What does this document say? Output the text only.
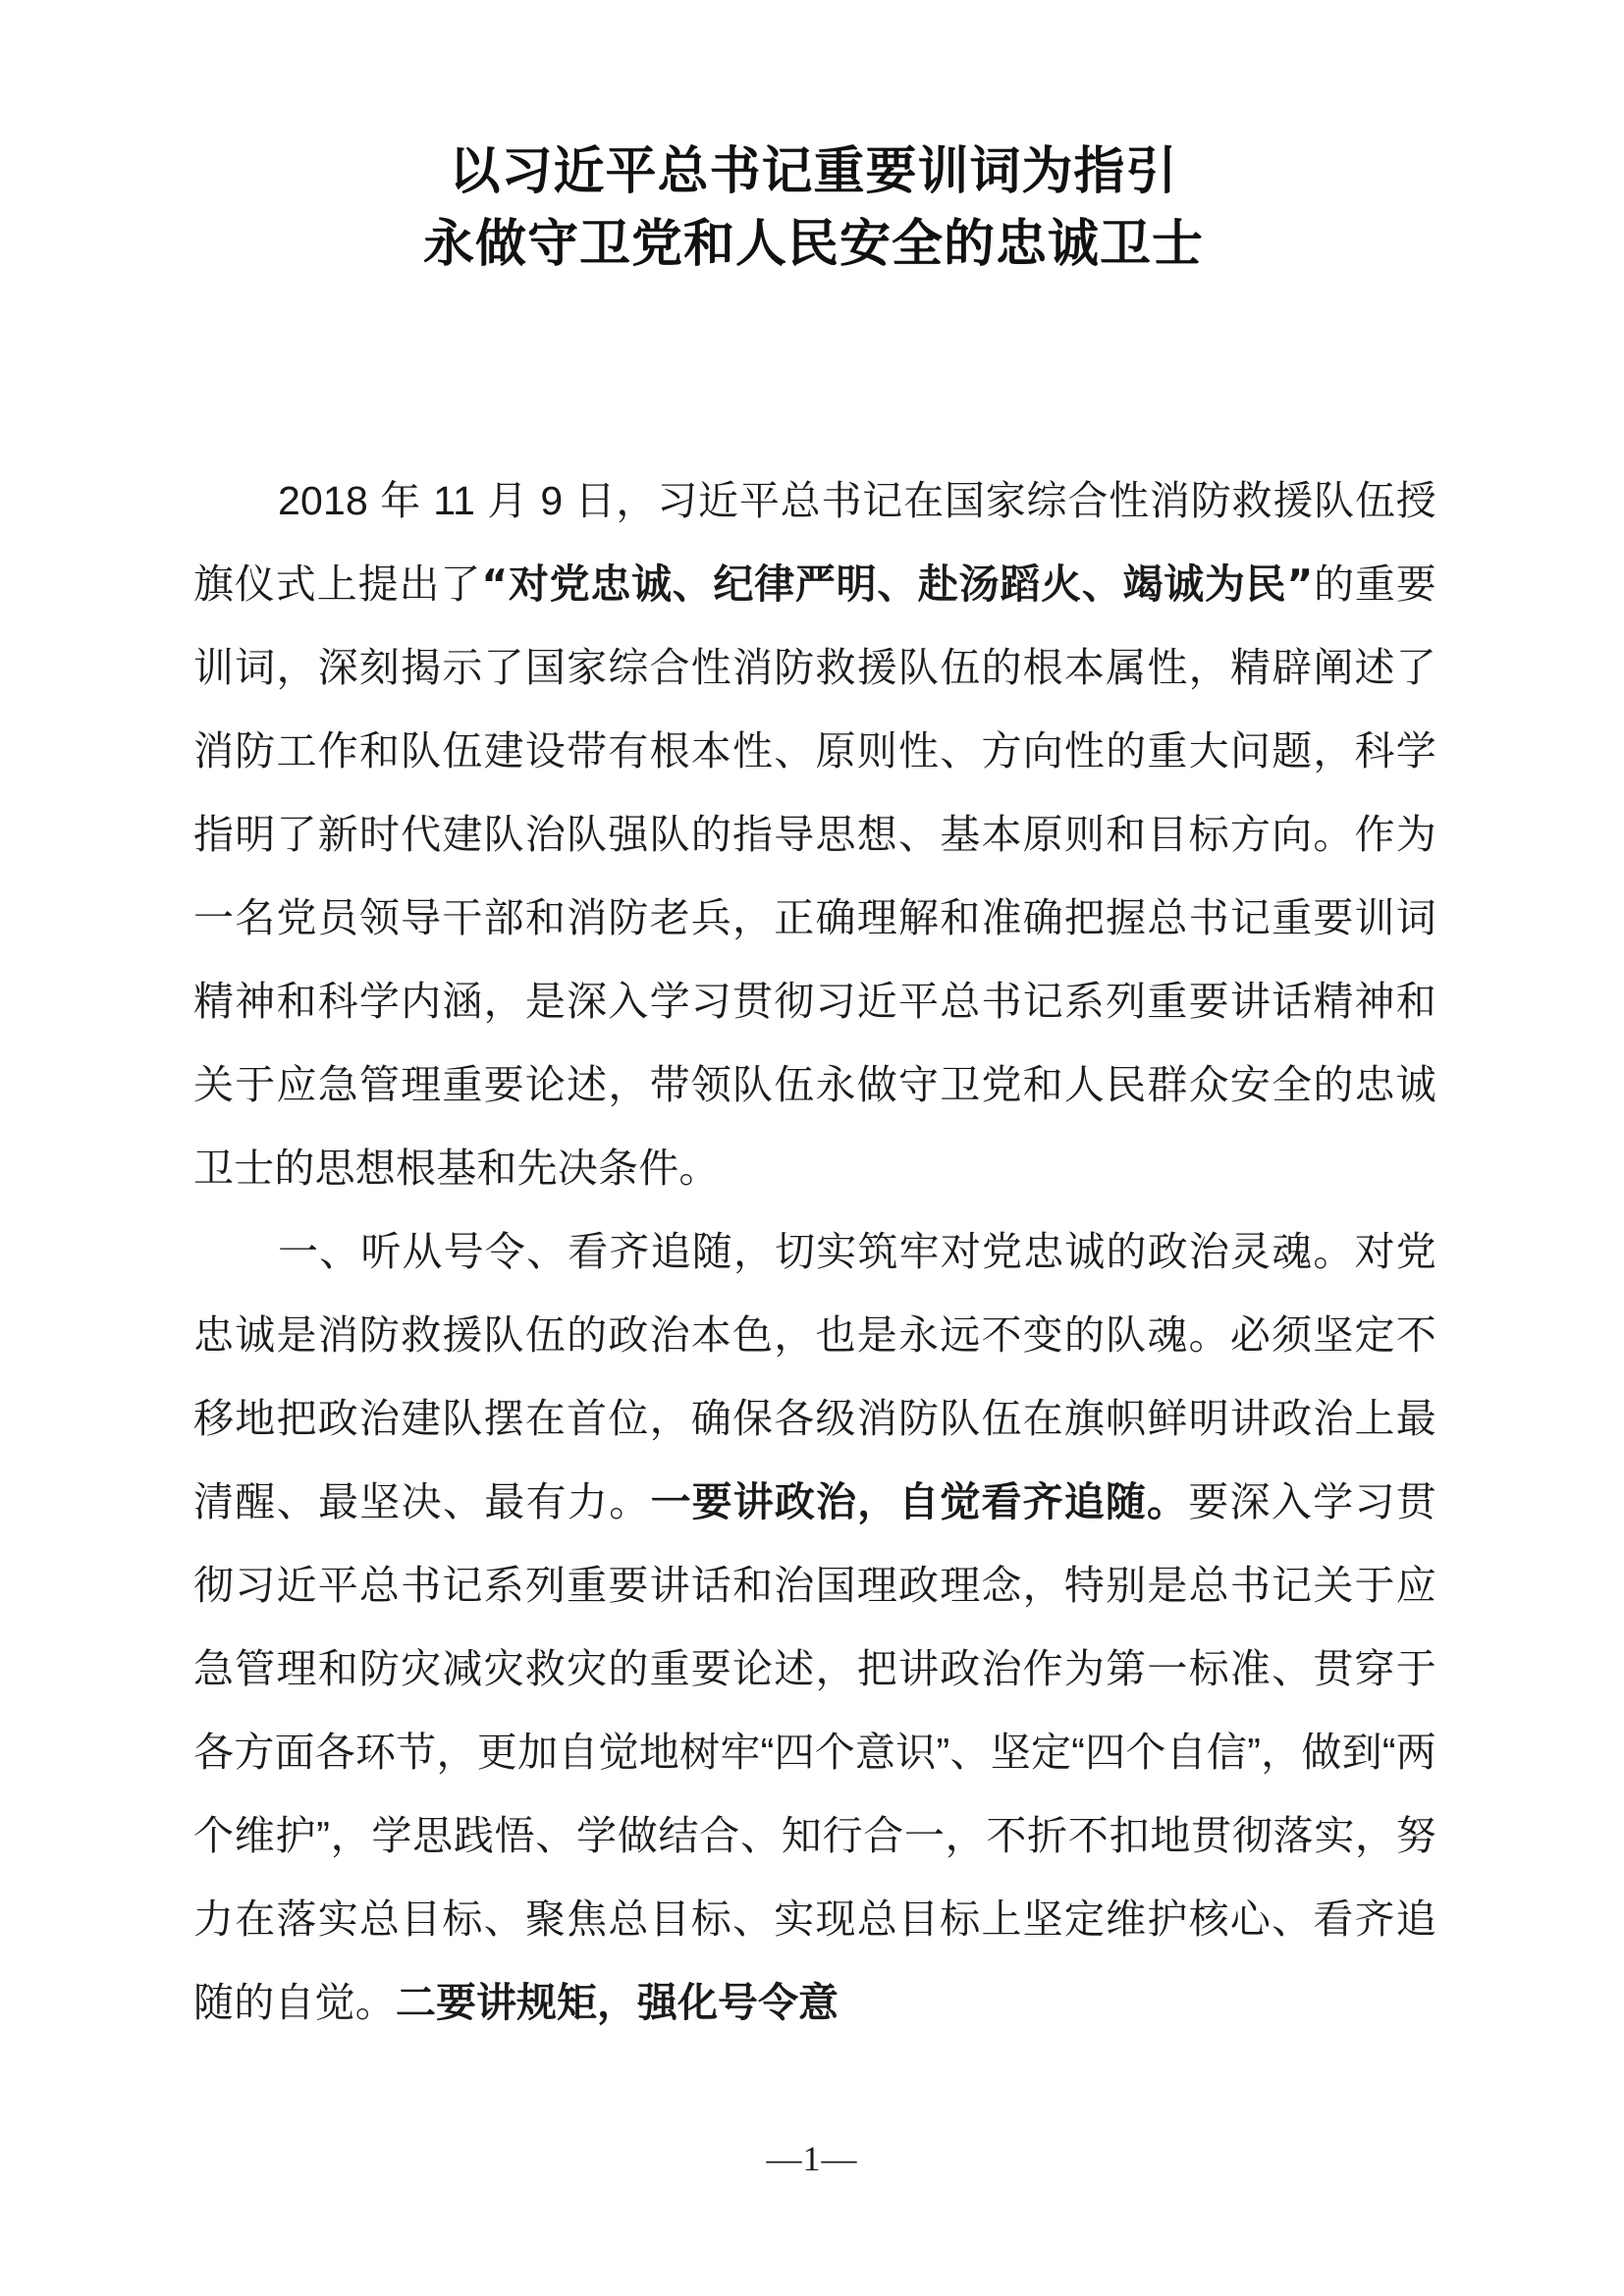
以习近平总书记重要训词为指引
永做守卫党和人民安全的忠诚卫士

2018 年 11 月 9 日，习近平总书记在国家综合性消防救援队伍授旗仪式上提出了“对党忠诚、纪律严明、赴汤蹈火、竭诚为民”的重要训词，深刻揭示了国家综合性消防救援队伍的根本属性，精辟阐述了消防工作和队伍建设带有根本性、原则性、方向性的重大问题，科学指明了新时代建队治队强队的指导思想、基本原则和目标方向。作为一名党员领导干部和消防老兵，正确理解和准确把握总书记重要训词精神和科学内涵，是深入学习贯彻习近平总书记系列重要讲话精神和关于应急管理重要论述，带领队伍永做守卫党和人民群众安全的忠诚卫士的思想根基和先决条件。

一、听从号令、看齐追随，切实筑牢对党忠诚的政治灵魂。对党忠诚是消防救援队伍的政治本色，也是永远不变的队魂。必须坚定不移地把政治建队摆在首位，确保各级消防队伍在旗帜鲜明讲政治上最清醒、最坚决、最有力。一要讲政治，自觉看齐追随。要深入学习贯彻习近平总书记系列重要讲话和治国理政理念，特别是总书记关于应急管理和防灾减灾救灾的重要论述，把讲政治作为第一标准、贯穿于各方面各环节，更加自觉地树牢“四个意识”、坚定“四个自信”，做到“两个维护”，学思践悟、学做结合、知行合一，不折不扣地贯彻落实，努力在落实总目标、聚焦总目标、实现总目标上坚定维护核心、看齐追随的自觉。二要讲规矩，强化号令意

—1—
